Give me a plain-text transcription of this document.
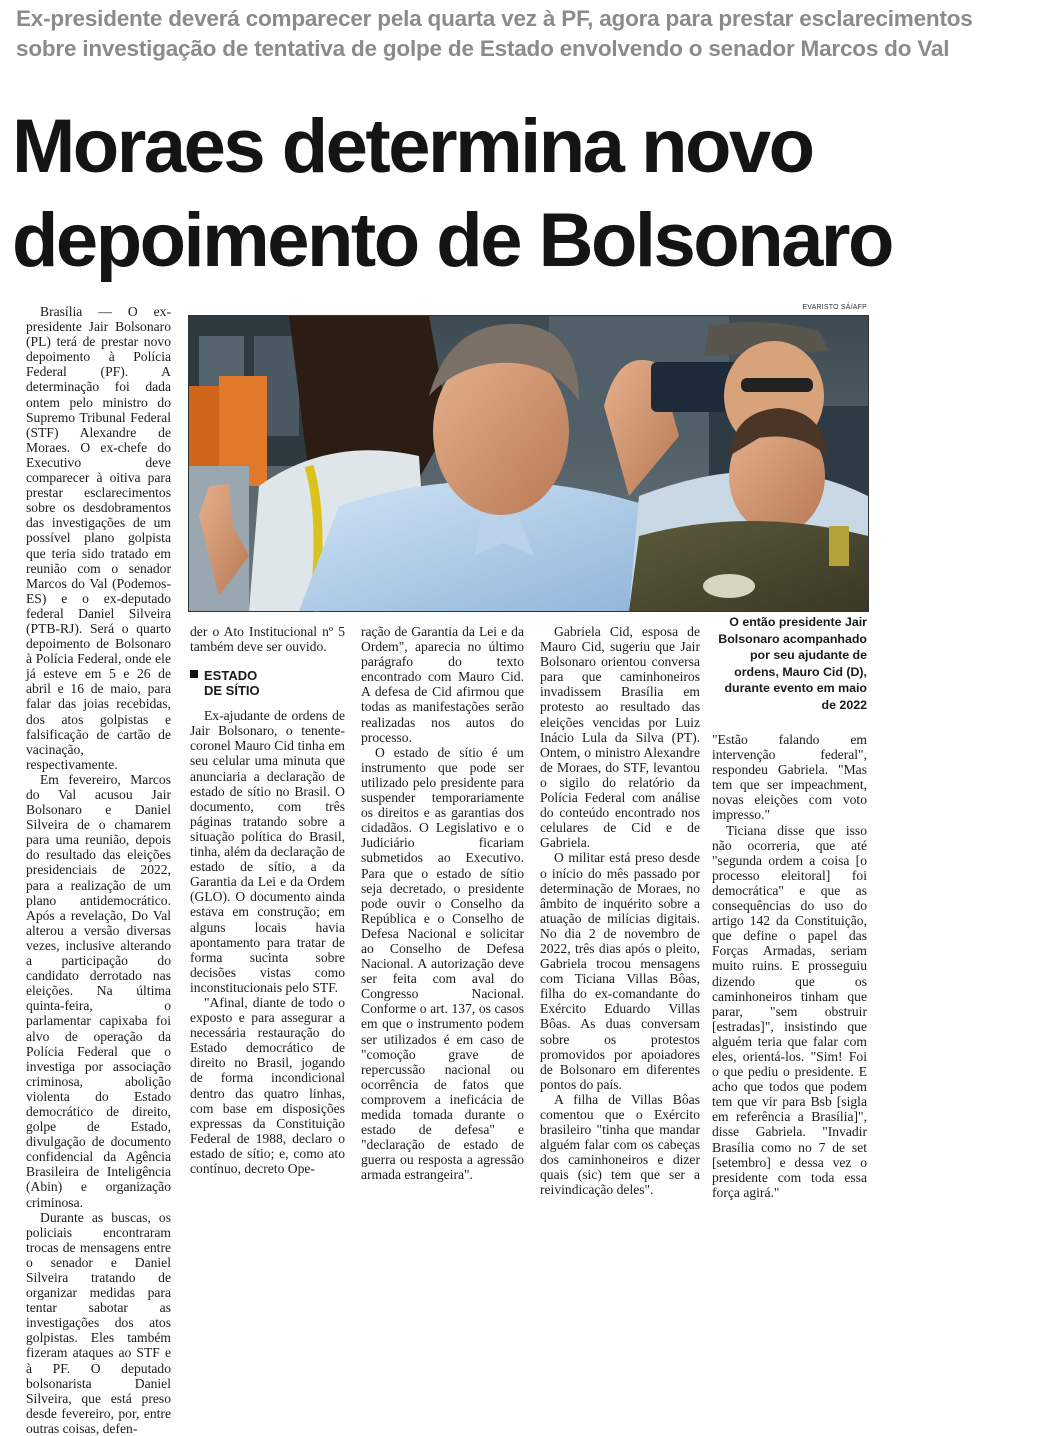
Ex-presidente deverá comparecer pela quarta vez à PF, agora para prestar esclarecimentos
sobre investigação de tentativa de golpe de Estado envolvendo o senador Marcos do Val
Moraes determina novo
depoimento de Bolsonaro

Brasília — O ex-presidente Jair Bolsonaro (PL) terá de prestar novo depoimento à Polícia Federal (PF). A determinação foi dada ontem pelo ministro do Supremo Tribunal Federal (STF) Alexandre de Moraes. O ex-chefe do Executivo deve comparecer à oitiva para prestar esclarecimentos sobre os desdobramentos das investigações de um possível plano golpista que teria sido tratado em reunião com o senador Marcos do Val (Podemos-ES) e o ex-deputado federal Daniel Silveira (PTB-RJ). Será o quarto depoimento de Bolsonaro à Polícia Federal, onde ele já esteve em 5 e 26 de abril e 16 de maio, para falar das joias recebidas, dos atos golpistas e falsificação de cartão de vacinação, respectivamente.

Em fevereiro, Marcos do Val acusou Jair Bolsonaro e Daniel Silveira de o chamarem para uma reunião, depois do resultado das eleições presidenciais de 2022, para a realização de um plano antidemocrático. Após a revelação, Do Val alterou a versão diversas vezes, inclusive alterando a participação do candidato derrotado nas eleições. Na última quinta-feira, o parlamentar capixaba foi alvo de operação da Polícia Federal que o investiga por associação criminosa, abolição violenta do Estado democrático de direito, golpe de Estado, divulgação de documento confidencial da Agência Brasileira de Inteligência (Abin) e organização criminosa.

Durante as buscas, os policiais encontraram trocas de mensagens entre o senador e Daniel Silveira tratando de organizar medidas para tentar sabotar as investigações dos atos golpistas. Eles também fizeram ataques ao STF e à PF. O deputado bolsonarista Daniel Silveira, que está preso desde fevereiro, por, entre outras coisas, defen-

EVARISTO SÁ/AFP
O então presidente Jair Bolsonaro acompanhado por seu ajudante de ordens, Mauro Cid (D), durante evento em maio de 2022

der o Ato Institucional nº 5 também deve ser ouvido.

ESTADO
DE SÍTIO

Ex-ajudante de ordens de Jair Bolsonaro, o tenente-coronel Mauro Cid tinha em seu celular uma minuta que anunciaria a declaração de estado de sítio no Brasil. O documento, com três páginas tratando sobre a situação política do Brasil, tinha, além da declaração de estado de sítio, a da Garantia da Lei e da Ordem (GLO). O documento ainda estava em construção; em alguns locais havia apontamento para tratar de forma sucinta sobre decisões vistas como inconstitucionais pelo STF.

"Afinal, diante de todo o exposto e para assegurar a necessária restauração do Estado democrático de direito no Brasil, jogando de forma incondicional dentro das quatro linhas, com base em disposições expressas da Constituição Federal de 1988, declaro o estado de sítio; e, como ato contínuo, decreto Ope-

ração de Garantia da Lei e da Ordem", aparecia no último parágrafo do texto encontrado com Mauro Cid. A defesa de Cid afirmou que todas as manifestações serão realizadas nos autos do processo.

O estado de sítio é um instrumento que pode ser utilizado pelo presidente para suspender temporariamente os direitos e as garantias dos cidadãos. O Legislativo e o Judiciário ficariam submetidos ao Executivo. Para que o estado de sítio seja decretado, o presidente pode ouvir o Conselho da República e o Conselho de Defesa Nacional e solicitar ao Conselho de Defesa Nacional. A autorização deve ser feita com aval do Congresso Nacional. Conforme o art. 137, os casos em que o instrumento podem ser utilizados é em caso de "comoção grave de repercussão nacional ou ocorrência de fatos que comprovem a ineficácia de medida tomada durante o estado de defesa" e "declaração de estado de guerra ou resposta a agressão armada estrangeira".

Gabriela Cid, esposa de Mauro Cid, sugeriu que Jair Bolsonaro orientou conversa para que caminhoneiros invadissem Brasília em protesto ao resultado das eleições vencidas por Luiz Inácio Lula da Silva (PT). Ontem, o ministro Alexandre de Moraes, do STF, levantou o sigilo do relatório da Polícia Federal com análise do conteúdo encontrado nos celulares de Cid e de Gabriela.

O militar está preso desde o início do mês passado por determinação de Moraes, no âmbito de inquérito sobre a atuação de milícias digitais. No dia 2 de novembro de 2022, três dias após o pleito, Gabriela trocou mensagens com Ticiana Villas Bôas, filha do ex-comandante do Exército Eduardo Villas Bôas. As duas conversam sobre os protestos promovidos por apoiadores de Bolsonaro em diferentes pontos do país.

A filha de Villas Bôas comentou que o Exército brasileiro "tinha que mandar alguém falar com os cabeças dos caminhoneiros e dizer quais (sic) tem que ser a reivindicação deles".

"Estão falando em intervenção federal", respondeu Gabriela. "Mas tem que ser impeachment, novas eleições com voto impresso."

Ticiana disse que isso não ocorreria, que até "segunda ordem a coisa [o processo eleitoral] foi democrática" e que as consequências do uso do artigo 142 da Constituição, que define o papel das Forças Armadas, seriam muito ruins. E prosseguiu dizendo que os caminhoneiros tinham que parar, "sem obstruir [estradas]", insistindo que alguém teria que falar com eles, orientá-los. "Sim! Foi o que pediu o presidente. E acho que todos que podem tem que vir para Bsb [sigla em referência a Brasília]", disse Gabriela. "Invadir Brasília como no 7 de set [setembro] e dessa vez o presidente com toda essa força agirá."
